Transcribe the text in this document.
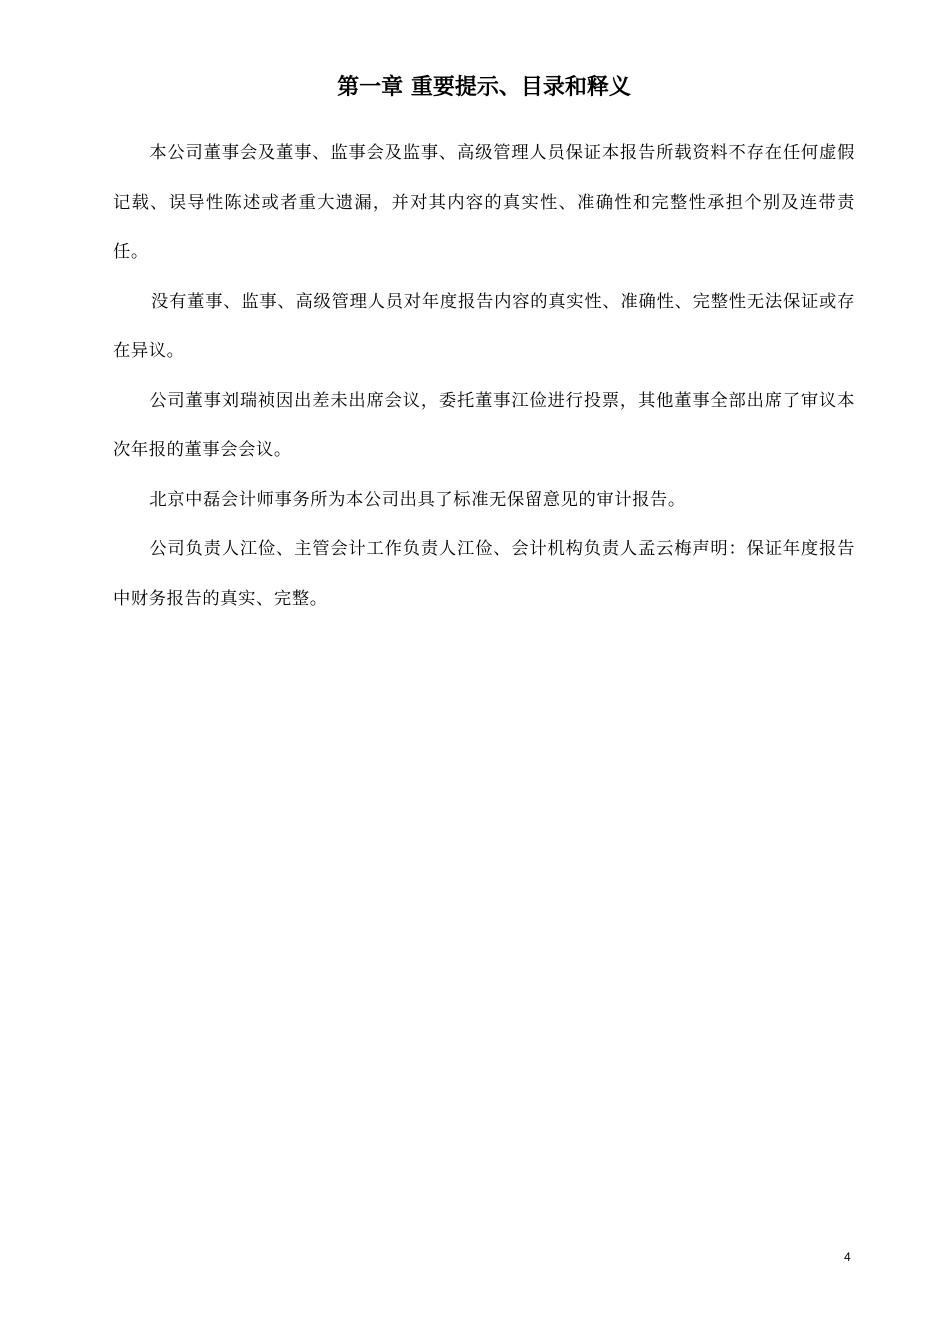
第一章 重要提示、目录和释义

本公司董事会及董事、监事会及监事、高级管理人员保证本报告所载资料不存在任何虚假记载、误导性陈述或者重大遗漏，并对其内容的真实性、准确性和完整性承担个别及连带责任。

没有董事、监事、高级管理人员对年度报告内容的真实性、准确性、完整性无法保证或存在异议。

公司董事刘瑞祯因出差未出席会议，委托董事江俭进行投票，其他董事全部出席了审议本次年报的董事会会议。

北京中磊会计师事务所为本公司出具了标准无保留意见的审计报告。

公司负责人江俭、主管会计工作负责人江俭、会计机构负责人孟云梅声明：保证年度报告中财务报告的真实、完整。

4
